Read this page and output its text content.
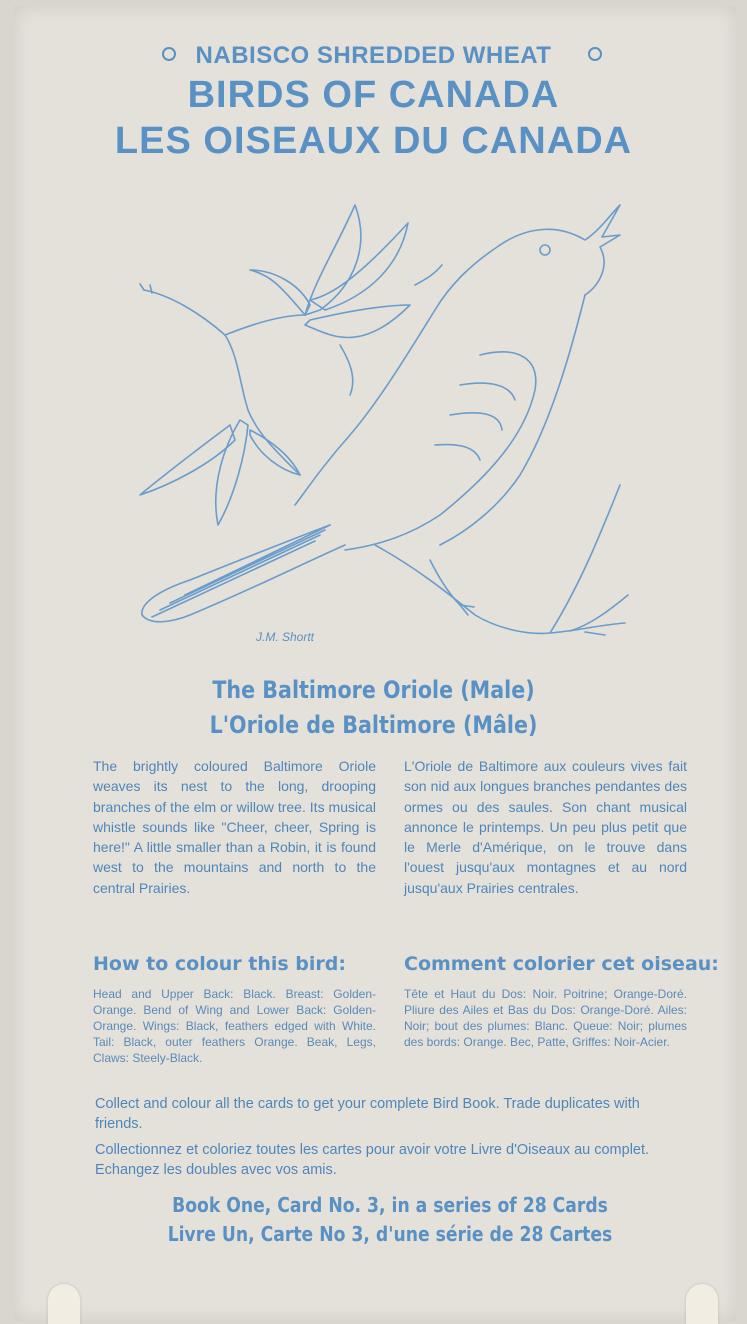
NABISCO SHREDDED WHEAT
BIRDS OF CANADA
LES OISEAUX DU CANADA
J.M. Shortt
The Baltimore Oriole (Male)
L'Oriole de Baltimore (Mâle)
The brightly coloured Baltimore Oriole weaves its nest to the long, drooping branches of the elm or willow tree. Its musical whistle sounds like "Cheer, cheer, Spring is here!" A little smaller than a Robin, it is found west to the mountains and north to the central Prairies.
L'Oriole de Baltimore aux couleurs vives fait son nid aux longues branches pendantes des ormes ou des saules. Son chant musical annonce le printemps. Un peu plus petit que le Merle d'Amérique, on le trouve dans l'ouest jusqu'aux montagnes et au nord jusqu'aux Prairies centrales.
How to colour this bird:	Comment colorier cet oiseau:
Head and Upper Back: Black. Breast: Golden-Orange. Bend of Wing and Lower Back: Golden-Orange. Wings: Black, feathers edged with White. Tail: Black, outer feathers Orange. Beak, Legs, Claws: Steely-Black.
Tête et Haut du Dos: Noir. Poitrine; Orange-Doré. Pliure des Ailes et Bas du Dos: Orange-Doré. Ailes: Noir; bout des plumes: Blanc. Queue: Noir; plumes des bords: Orange. Bec, Patte, Griffes: Noir-Acier.
Collect and colour all the cards to get your complete Bird Book. Trade duplicates with friends.
Collectionnez et coloriez toutes les cartes pour avoir votre Livre d'Oiseaux au complet. Echangez les doubles avec vos amis.
Book One, Card No. 3, in a series of 28 Cards
Livre Un, Carte No 3, d'une série de 28 Cartes
